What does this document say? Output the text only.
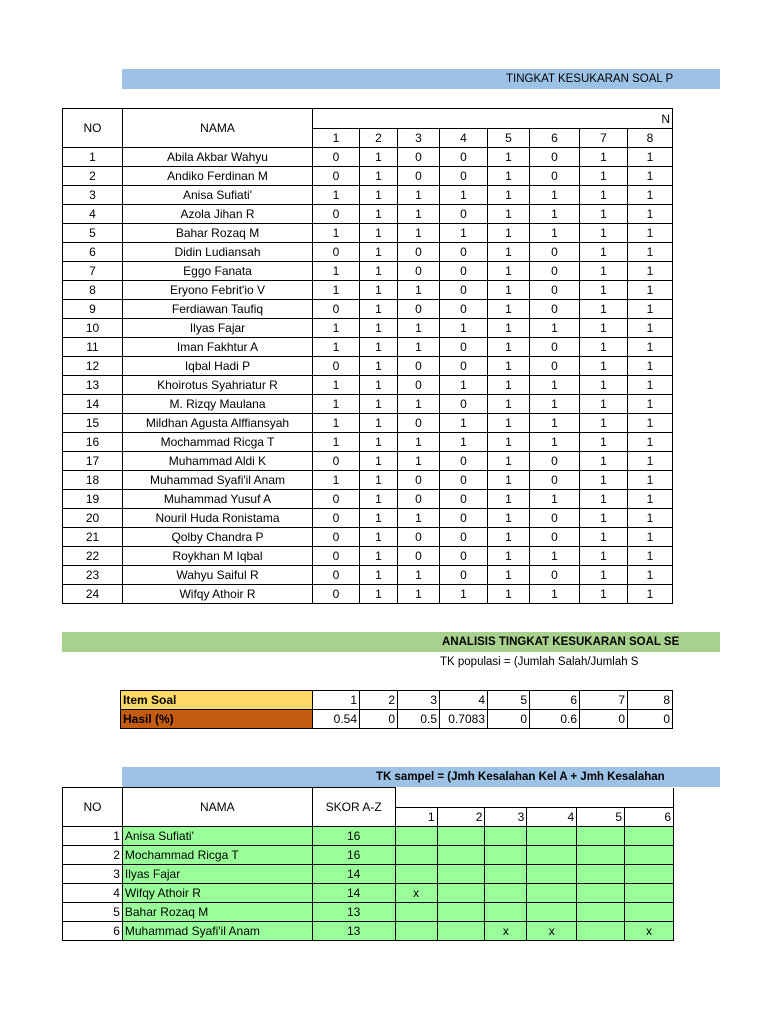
TINGKAT KESUKARAN SOAL P
NO	NAMA	N							
		1	2	3	4	5	6	7	8
1	Abila Akbar Wahyu	0	1	0	0	1	0	1	1
2	Andiko Ferdinan M	0	1	0	0	1	0	1	1
3	Anisa Sufiati'	1	1	1	1	1	1	1	1
4	Azola Jihan R	0	1	1	0	1	1	1	1
5	Bahar Rozaq M	1	1	1	1	1	1	1	1
6	Didin Ludiansah	0	1	0	0	1	0	1	1
7	Eggo Fanata	1	1	0	0	1	0	1	1
8	Eryono Febrit'io V	1	1	1	0	1	0	1	1
9	Ferdiawan Taufiq	0	1	0	0	1	0	1	1
10	Ilyas Fajar	1	1	1	1	1	1	1	1
11	Iman Fakhtur A	1	1	1	0	1	0	1	1
12	Iqbal Hadi P	0	1	0	0	1	0	1	1
13	Khoirotus Syahriatur R	1	1	0	1	1	1	1	1
14	M. Rizqy Maulana	1	1	1	0	1	1	1	1
15	Mildhan Agusta Alffiansyah	1	1	0	1	1	1	1	1
16	Mochammad Ricga T	1	1	1	1	1	1	1	1
17	Muhammad Aldi K	0	1	1	0	1	0	1	1
18	Muhammad Syafi'il Anam	1	1	0	0	1	0	1	1
19	Muhammad Yusuf A	0	1	0	0	1	1	1	1
20	Nouril Huda Ronistama	0	1	1	0	1	0	1	1
21	Qolby Chandra P	0	1	0	0	1	0	1	1
22	Roykhan M Iqbal	0	1	0	0	1	1	1	1
23	Wahyu Saiful R	0	1	1	0	1	0	1	1
24	Wifqy Athoir R	0	1	1	1	1	1	1	1
ANALISIS TINGKAT KESUKARAN SOAL SE
TK populasi = (Jumlah Salah/Jumlah S
Item Soal	1	2	3	4	5	6	7	8
Hasil (%)	0.54	0	0.5	0.7083	0	0.6	0	0
TK sampel = (Jmh Kesalahan Kel A + Jmh Kesalahan
NO	NAMA	SKOR A-Z						
			1	2	3	4	5	6
1	Anisa Sufiati'	16						
2	Mochammad Ricga T	16						
3	Ilyas Fajar	14						
4	Wifqy Athoir R	14	x					
5	Bahar Rozaq M	13						
6	Muhammad Syafi'il Anam	13			x	x		x
